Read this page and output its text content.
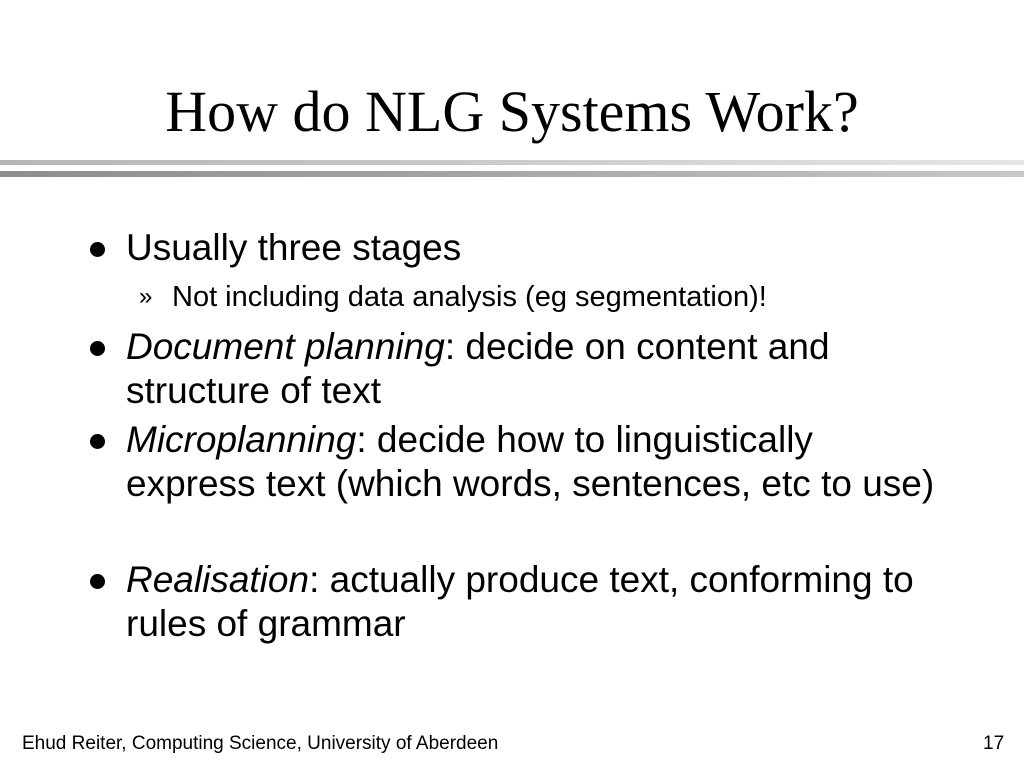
How do NLG Systems Work?
Usually three stages
» Not including data analysis (eg segmentation)!
Document planning: decide on content and structure of text
Microplanning: decide how to linguistically express text (which words, sentences, etc to use)
Realisation: actually produce text, conforming to rules of grammar
Ehud Reiter, Computing Science, University of Aberdeen	17
